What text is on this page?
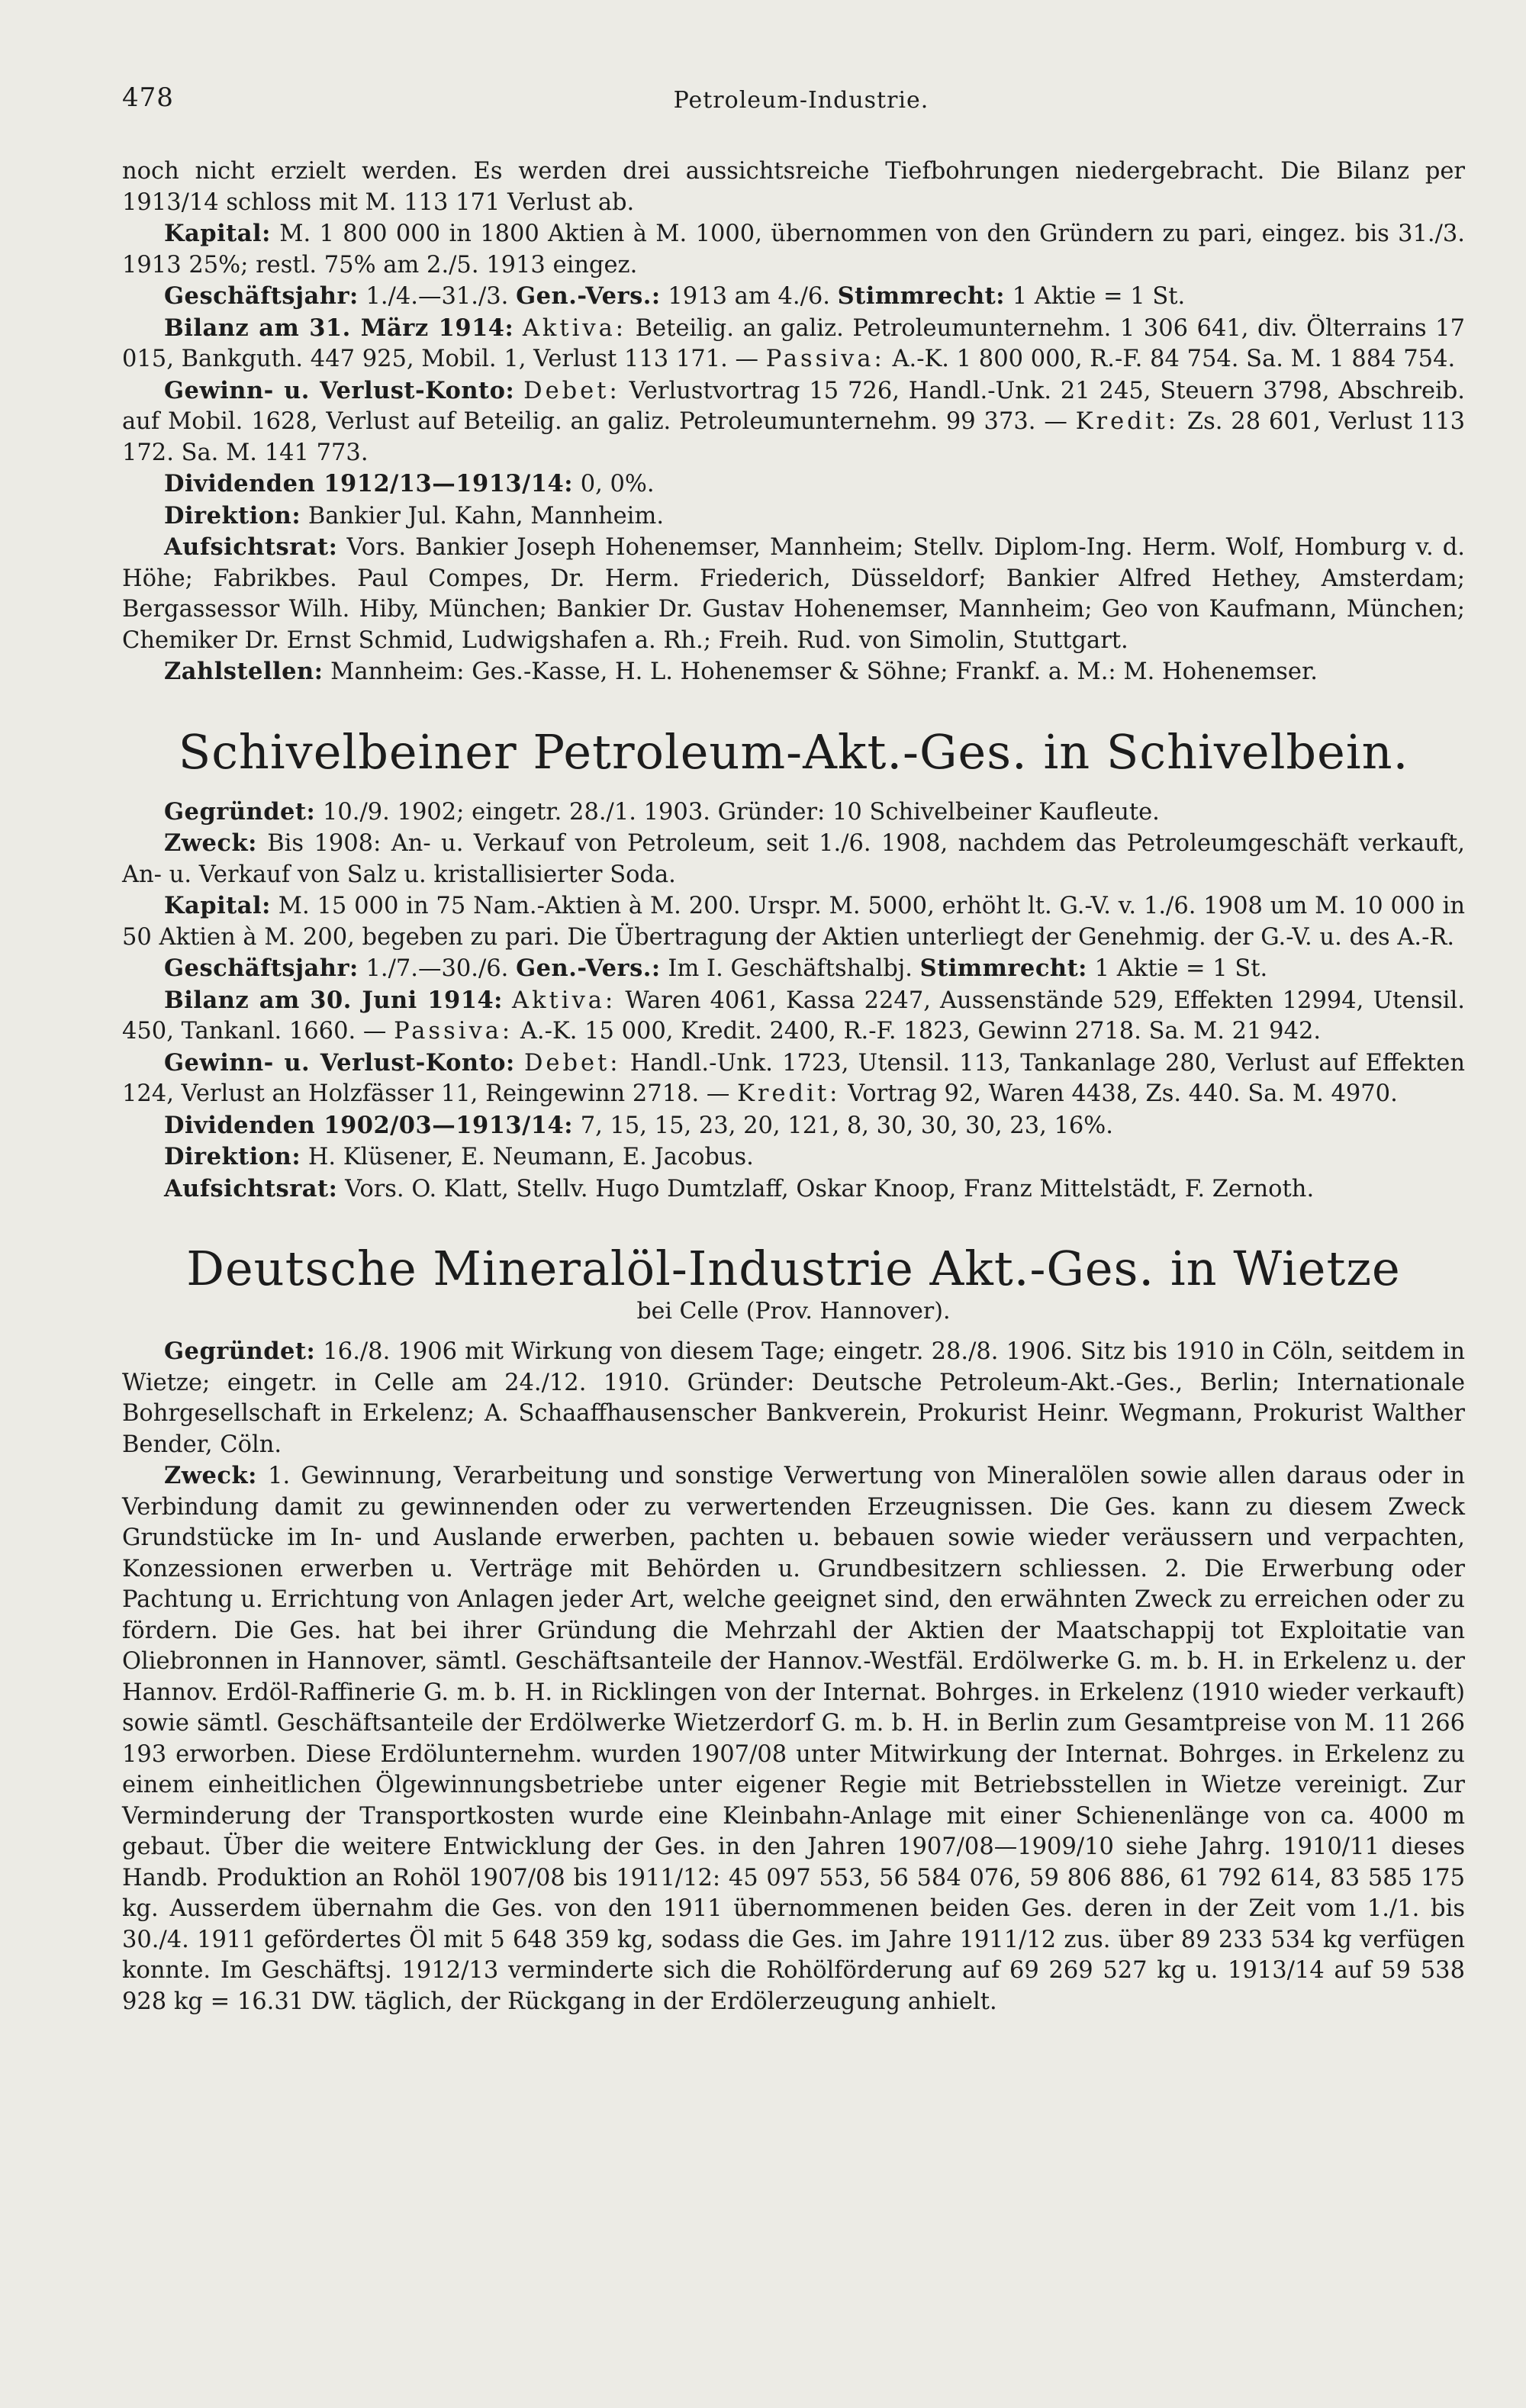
478	Petroleum-Industrie.

noch nicht erzielt werden. Es werden drei aussichtsreiche Tiefbohrungen niedergebracht. Die Bilanz per 1913/14 schloss mit M. 113 171 Verlust ab.

Kapital: M. 1 800 000 in 1800 Aktien à M. 1000, übernommen von den Gründern zu pari, eingez. bis 31./3. 1913 25%; restl. 75% am 2./5. 1913 eingez.

Geschäftsjahr: 1./4.—31./3. Gen.-Vers.: 1913 am 4./6. Stimmrecht: 1 Aktie = 1 St.

Bilanz am 31. März 1914: Aktiva: Beteilig. an galiz. Petroleumunternehm. 1 306 641, div. Ölterrains 17 015, Bankguth. 447 925, Mobil. 1, Verlust 113 171. — Passiva: A.-K. 1 800 000, R.-F. 84 754. Sa. M. 1 884 754.

Gewinn- u. Verlust-Konto: Debet: Verlustvortrag 15 726, Handl.-Unk. 21 245, Steuern 3798, Abschreib. auf Mobil. 1628, Verlust auf Beteilig. an galiz. Petroleumunternehm. 99 373. — Kredit: Zs. 28 601, Verlust 113 172. Sa. M. 141 773.

Dividenden 1912/13—1913/14: 0, 0%.

Direktion: Bankier Jul. Kahn, Mannheim.

Aufsichtsrat: Vors. Bankier Joseph Hohenemser, Mannheim; Stellv. Diplom-Ing. Herm. Wolf, Homburg v. d. Höhe; Fabrikbes. Paul Compes, Dr. Herm. Friederich, Düsseldorf; Bankier Alfred Hethey, Amsterdam; Bergassessor Wilh. Hiby, München; Bankier Dr. Gustav Hohenemser, Mannheim; Geo von Kaufmann, München; Chemiker Dr. Ernst Schmid, Ludwigshafen a. Rh.; Freih. Rud. von Simolin, Stuttgart.

Zahlstellen: Mannheim: Ges.-Kasse, H. L. Hohenemser & Söhne; Frankf. a. M.: M. Hohenemser.

Schivelbeiner Petroleum-Akt.-Ges. in Schivelbein.

Gegründet: 10./9. 1902; eingetr. 28./1. 1903. Gründer: 10 Schivelbeiner Kaufleute.

Zweck: Bis 1908: An- u. Verkauf von Petroleum, seit 1./6. 1908, nachdem das Petroleumgeschäft verkauft, An- u. Verkauf von Salz u. kristallisierter Soda.

Kapital: M. 15 000 in 75 Nam.-Aktien à M. 200. Urspr. M. 5000, erhöht lt. G.-V. v. 1./6. 1908 um M. 10 000 in 50 Aktien à M. 200, begeben zu pari. Die Übertragung der Aktien unterliegt der Genehmig. der G.-V. u. des A.-R.

Geschäftsjahr: 1./7.—30./6. Gen.-Vers.: Im I. Geschäftshalbj. Stimmrecht: 1 Aktie = 1 St.

Bilanz am 30. Juni 1914: Aktiva: Waren 4061, Kassa 2247, Aussenstände 529, Effekten 12994, Utensil. 450, Tankanl. 1660. — Passiva: A.-K. 15 000, Kredit. 2400, R.-F. 1823, Gewinn 2718. Sa. M. 21 942.

Gewinn- u. Verlust-Konto: Debet: Handl.-Unk. 1723, Utensil. 113, Tankanlage 280, Verlust auf Effekten 124, Verlust an Holzfässer 11, Reingewinn 2718. — Kredit: Vortrag 92, Waren 4438, Zs. 440. Sa. M. 4970.

Dividenden 1902/03—1913/14: 7, 15, 15, 23, 20, 121, 8, 30, 30, 30, 23, 16%.

Direktion: H. Klüsener, E. Neumann, E. Jacobus.

Aufsichtsrat: Vors. O. Klatt, Stellv. Hugo Dumtzlaff, Oskar Knoop, Franz Mittelstädt, F. Zernoth.

Deutsche Mineralöl-Industrie Akt.-Ges. in Wietze
bei Celle (Prov. Hannover).

Gegründet: 16./8. 1906 mit Wirkung von diesem Tage; eingetr. 28./8. 1906. Sitz bis 1910 in Cöln, seitdem in Wietze; eingetr. in Celle am 24./12. 1910. Gründer: Deutsche Petroleum-Akt.-Ges., Berlin; Internationale Bohrgesellschaft in Erkelenz; A. Schaaffhausenscher Bankverein, Prokurist Heinr. Wegmann, Prokurist Walther Bender, Cöln.

Zweck: 1. Gewinnung, Verarbeitung und sonstige Verwertung von Mineralölen sowie allen daraus oder in Verbindung damit zu gewinnenden oder zu verwertenden Erzeugnissen. Die Ges. kann zu diesem Zweck Grundstücke im In- und Auslande erwerben, pachten u. bebauen sowie wieder veräussern und verpachten, Konzessionen erwerben u. Verträge mit Behörden u. Grundbesitzern schliessen. 2. Die Erwerbung oder Pachtung u. Errichtung von Anlagen jeder Art, welche geeignet sind, den erwähnten Zweck zu erreichen oder zu fördern. Die Ges. hat bei ihrer Gründung die Mehrzahl der Aktien der Maatschappij tot Exploitatie van Oliebronnen in Hannover, sämtl. Geschäftsanteile der Hannov.-Westfäl. Erdölwerke G. m. b. H. in Erkelenz u. der Hannov. Erdöl-Raffinerie G. m. b. H. in Ricklingen von der Internat. Bohrges. in Erkelenz (1910 wieder verkauft) sowie sämtl. Geschäftsanteile der Erdölwerke Wietzerdorf G. m. b. H. in Berlin zum Gesamtpreise von M. 11 266 193 erworben. Diese Erdölunternehm. wurden 1907/08 unter Mitwirkung der Internat. Bohrges. in Erkelenz zu einem einheitlichen Ölgewinnungsbetriebe unter eigener Regie mit Betriebsstellen in Wietze vereinigt. Zur Verminderung der Transportkosten wurde eine Kleinbahn-Anlage mit einer Schienenlänge von ca. 4000 m gebaut. Über die weitere Entwicklung der Ges. in den Jahren 1907/08—1909/10 siehe Jahrg. 1910/11 dieses Handb. Produktion an Rohöl 1907/08 bis 1911/12: 45 097 553, 56 584 076, 59 806 886, 61 792 614, 83 585 175 kg. Ausserdem übernahm die Ges. von den 1911 übernommenen beiden Ges. deren in der Zeit vom 1./1. bis 30./4. 1911 gefördertes Öl mit 5 648 359 kg, sodass die Ges. im Jahre 1911/12 zus. über 89 233 534 kg verfügen konnte. Im Geschäftsj. 1912/13 verminderte sich die Rohölförderung auf 69 269 527 kg u. 1913/14 auf 59 538 928 kg = 16.31 DW. täglich, der Rückgang in der Erdölerzeugung anhielt.
